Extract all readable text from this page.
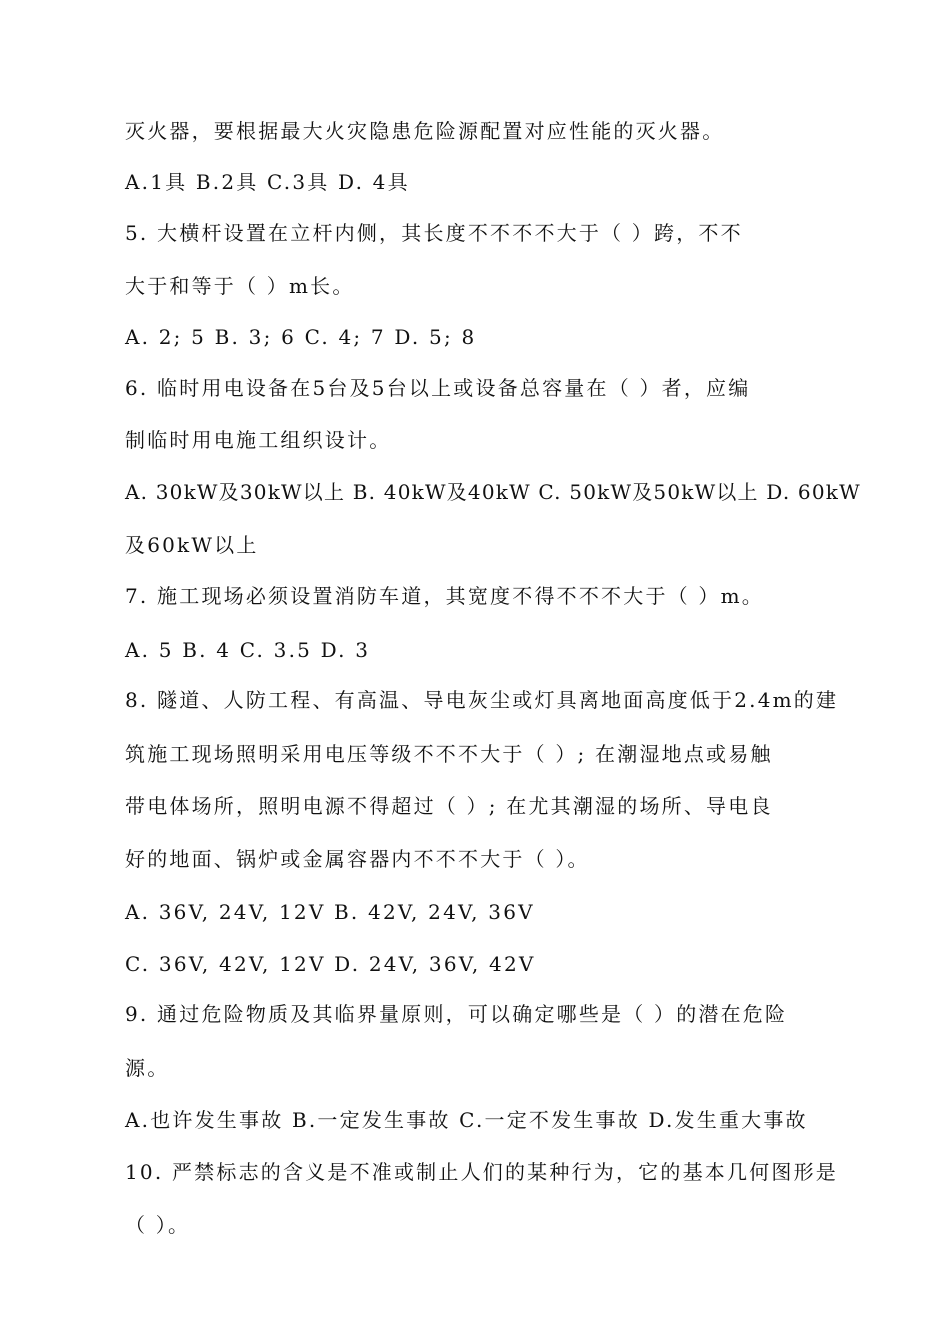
灭火器，要根据最大火灾隐患危险源配置对应性能的灭火器。
A.1具 B.2具 C.3具 D. 4具
5. 大横杆设置在立杆内侧，其长度不不不不大于（ ）跨，不不
大于和等于（ ）m长。
A. 2; 5 B. 3; 6 C. 4; 7 D. 5; 8
6. 临时用电设备在5台及5台以上或设备总容量在（ ）者，应编
制临时用电施工组织设计。
A. 30kW及30kW以上 B. 40kW及40kW C. 50kW及50kW以上 D. 60kW
及60kW以上
7. 施工现场必须设置消防车道，其宽度不得不不不大于（ ）m。
A. 5 B. 4 C. 3.5 D. 3
8. 隧道、人防工程、有高温、导电灰尘或灯具离地面高度低于2.4m的建
筑施工现场照明采用电压等级不不不大于（ ）; 在潮湿地点或易触
带电体场所，照明电源不得超过（ ）; 在尤其潮湿的场所、导电良
好的地面、锅炉或金属容器内不不不大于（ ）。
A. 36V, 24V, 12V B. 42V, 24V, 36V
C. 36V, 42V, 12V D. 24V, 36V, 42V
9. 通过危险物质及其临界量原则，可以确定哪些是（ ）的潜在危险
源。
A.也许发生事故 B.一定发生事故 C.一定不发生事故 D.发生重大事故
10. 严禁标志的含义是不准或制止人们的某种行为，它的基本几何图形是
（ ）。
